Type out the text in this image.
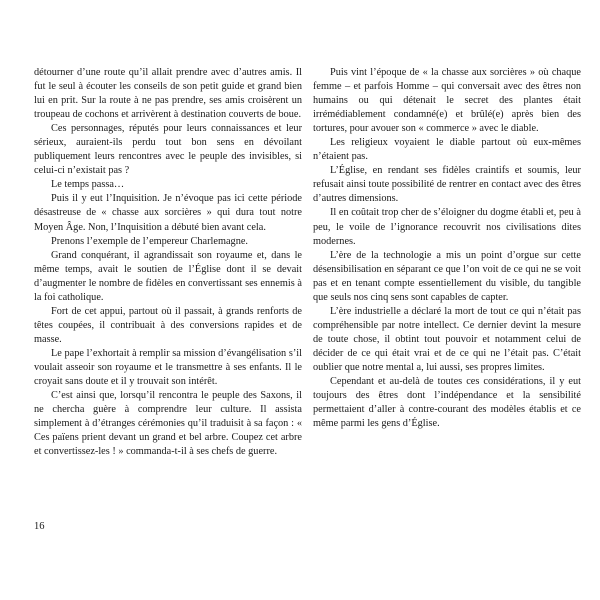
détourner d’une route qu’il allait prendre avec d’autres amis. Il fut le seul à écouter les conseils de son petit guide et grand bien lui en prit. Sur la route à ne pas prendre, ses amis croisèrent un troupeau de cochons et arrivèrent à destination couverts de boue.

Ces personnages, réputés pour leurs connaissances et leur sérieux, auraient-ils perdu tout bon sens en dévoilant publiquement leurs rencontres avec le peuple des invisibles, si celui-ci n’existait pas ?

Le temps passa…

Puis il y eut l’Inquisition. Je n’évoque pas ici cette période désastreuse de « chasse aux sorcières » qui dura tout notre Moyen Âge. Non, l’Inquisition a débuté bien avant cela.

Prenons l’exemple de l’empereur Charlemagne.

Grand conquérant, il agrandissait son royaume et, dans le même temps, avait le soutien de l’Église dont il se devait d’augmenter le nombre de fidèles en convertissant ses ennemis à la foi catholique.

Fort de cet appui, partout où il passait, à grands renforts de têtes coupées, il contribuait à des conversions rapides et de masse.

Le pape l’exhortait à remplir sa mission d’évangélisation s’il voulait asseoir son royaume et le transmettre à ses enfants. Il le croyait sans doute et il y trouvait son intérêt.

C’est ainsi que, lorsqu’il rencontra le peuple des Saxons, il ne chercha guère à comprendre leur culture. Il assista simplement à d’étranges cérémonies qu’il traduisit à sa façon : « Ces païens prient devant un grand et bel arbre. Coupez cet arbre et convertissez-les ! » commanda-t-il à ses chefs de guerre.

16

Puis vint l’époque de « la chasse aux sorcières » où chaque femme – et parfois Homme – qui conversait avec des êtres non humains ou qui détenait le secret des plantes était irrémédiablement condamné(e) et brûlé(e) après bien des tortures, pour avouer son « commerce » avec le diable.

Les religieux voyaient le diable partout où eux-mêmes n’étaient pas.

L’Église, en rendant ses fidèles craintifs et soumis, leur refusait ainsi toute possibilité de rentrer en contact avec des êtres d’autres dimensions.

Il en coûtait trop cher de s’éloigner du dogme établi et, peu à peu, le voile de l’ignorance recouvrit nos civilisations dites modernes.

L’ère de la technologie a mis un point d’orgue sur cette désensibilisation en séparant ce que l’on voit de ce qui ne se voit pas et en tenant compte essentiellement du visible, du tangible que seuls nos cinq sens sont capables de capter.

L’ère industrielle a déclaré la mort de tout ce qui n’était pas compréhensible par notre intellect. Ce dernier devint la mesure de toute chose, il obtint tout pouvoir et notamment celui de décider de ce qui était vrai et de ce qui ne l’était pas. C’était oublier que notre mental a, lui aussi, ses propres limites.

Cependant et au-delà de toutes ces considérations, il y eut toujours des êtres dont l’indépendance et la sensibilité permettaient d’aller à contre-courant des modèles établis et ce même parmi les gens d’Église.
